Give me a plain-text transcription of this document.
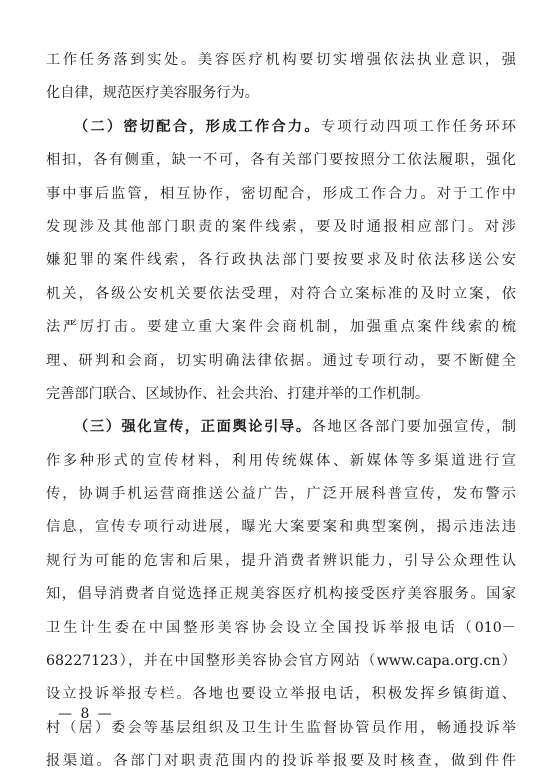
工作任务落到实处。美容医疗机构要切实增强依法执业意识，强
化自律，规范医疗美容服务行为。
（二）密切配合，形成工作合力。专项行动四项工作任务环环
相扣，各有侧重，缺一不可，各有关部门要按照分工依法履职，强化
事中事后监管，相互协作，密切配合，形成工作合力。对于工作中
发现涉及其他部门职责的案件线索，要及时通报相应部门。对涉
嫌犯罪的案件线索，各行政执法部门要按要求及时依法移送公安
机关，各级公安机关要依法受理，对符合立案标准的及时立案，依
法严厉打击。要建立重大案件会商机制，加强重点案件线索的梳
理、研判和会商，切实明确法律依据。通过专项行动，要不断健全
完善部门联合、区域协作、社会共治、打建并举的工作机制。
（三）强化宣传，正面舆论引导。各地区各部门要加强宣传，制
作多种形式的宣传材料，利用传统媒体、新媒体等多渠道进行宣
传，协调手机运营商推送公益广告，广泛开展科普宣传，发布警示
信息，宣传专项行动进展，曝光大案要案和典型案例，揭示违法违
规行为可能的危害和后果，提升消费者辨识能力，引导公众理性认
知，倡导消费者自觉选择正规美容医疗机构接受医疗美容服务。国家
卫生计生委在中国整形美容协会设立全国投诉举报电话（010－
68227123），并在中国整形美容协会官方网站（www.capa.org.cn）
设立投诉举报专栏。各地也要设立举报电话，积极发挥乡镇街道、
村（居）委会等基层组织及卫生计生监督协管员作用，畅通投诉举
报渠道。各部门对职责范围内的投诉举报要及时核查，做到件件
— 8 —
